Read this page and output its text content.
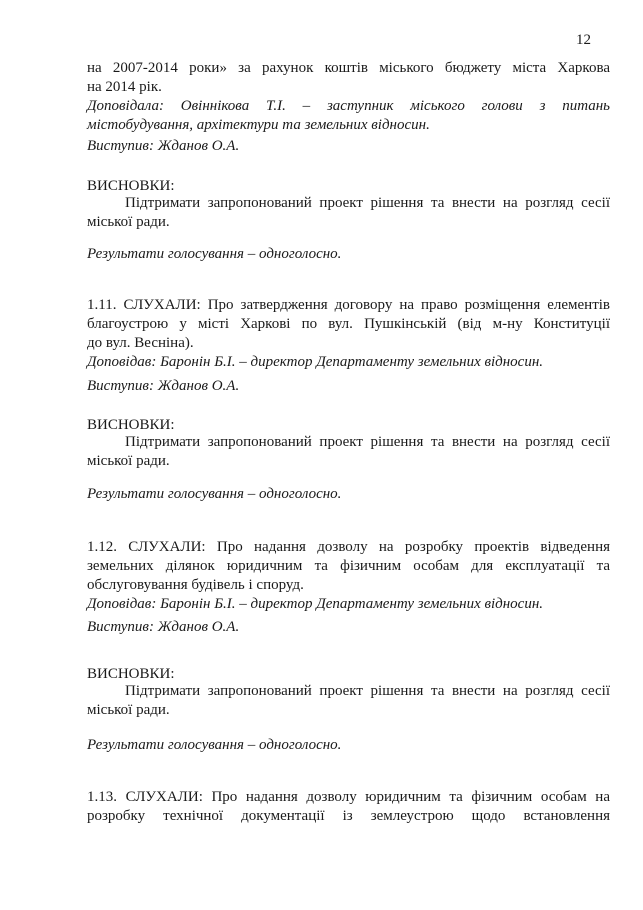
12

на 2007-2014 роки» за рахунок коштів міського бюджету міста Харкова

на 2014 рік.

Доповідала: Овіннікова Т.І. – заступник міського голови з питань

містобудування, архітектури та земельних відносин.

Виступив: Жданов О.А.
ВИСНОВКИ:

Підтримати запропонований проект рішення та внести на розгляд сесії

міської ради.

Результати голосування – одноголосно.

1.11. СЛУХАЛИ: Про затвердження договору на право розміщення елементів

благоустрою у місті Харкові по вул. Пушкінській (від м-ну Конституції

до вул. Весніна).

Доповідав: Баронін Б.І. – директор Департаменту земельних відносин.

Виступив: Жданов О.А.
ВИСНОВКИ:

Підтримати запропонований проект рішення та внести на розгляд сесії

міської ради.

Результати голосування – одноголосно.

1.12. СЛУХАЛИ: Про надання дозволу на розробку проектів відведення

земельних ділянок юридичним та фізичним особам для експлуатації та

обслуговування будівель і споруд.

Доповідав: Баронін Б.І. – директор Департаменту земельних відносин.

Виступив: Жданов О.А.
ВИСНОВКИ:

Підтримати запропонований проект рішення та внести на розгляд сесії

міської ради.

Результати голосування – одноголосно.

1.13. СЛУХАЛИ: Про надання дозволу юридичним та фізичним особам на

розробку технічної документації із землеустрою щодо встановлення
